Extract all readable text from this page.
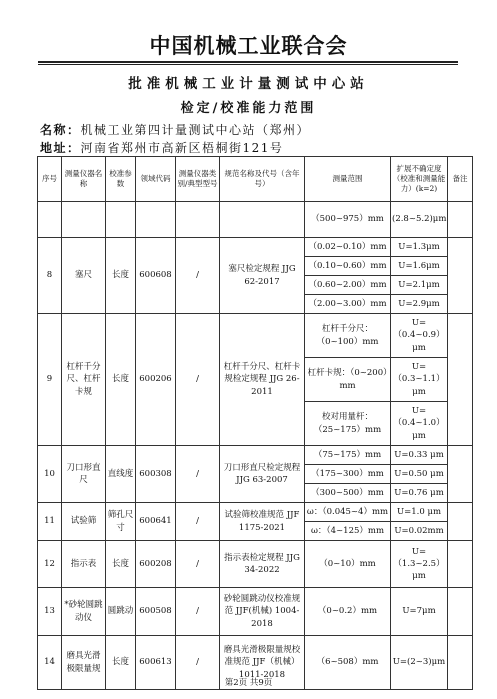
中国机械工业联合会
批准机械工业计量测试中心站
检定/校准能力范围
名称：机械工业第四计量测试中心站（郑州）
地址：河南省郑州市高新区梧桐街121号
序号	测量仪器名称	校准参数	领域代码	测量仪器类别/典型型号	规范名称及代号（含年号）	测量范围	扩展不确定度（校准和测量能力）(k=2)	备注
						（500~975）mm	(2.8~5.2)μm	
8	塞尺	长度	600608	/	塞尺检定规程 JJG 62-2017	（0.02~0.10）mm	U=1.3μm	
						（0.10~0.60）mm	U=1.6μm	
						（0.60~2.00）mm	U=2.1μm	
						（2.00~3.00）mm	U=2.9μm	
9	杠杆千分尺、杠杆卡规	长度	600206	/	杠杆千分尺、杠杆卡规检定规程 JJG 26-2011	杠杆千分尺：（0~100）mm	U=（0.4~0.9）μm	
						杠杆卡规：（0~200）mm	U=（0.3~1.1）μm	
						校对用量杆：（25~175）mm	U=（0.4~1.0）μm	
10	刀口形直尺	直线度	600308	/	刀口形直尺检定规程 JJG 63-2007	（75~175）mm	U=0.33 μm	
						（175~300）mm	U=0.50 μm	
						（300~500）mm	U=0.76 μm	
11	试验筛	筛孔尺寸	600641	/	试验筛校准规范 JJF 1175-2021	ω：（0.045~4）mm	U=1.0 μm	
						ω：（4~125）mm	U=0.02mm	
12	指示表	长度	600208	/	指示表检定规程 JJG 34-2022	（0~10）mm	U=（1.3~2.5）μm	
13	*砂轮圆跳动仪	圆跳动	600508	/	砂轮圆跳动仪校准规范 JJF(机械) 1004-2018	（0~0.2）mm	U=7μm	
14	磨具光滑极限量规	长度	600613	/	磨具光滑极限量规校准规范 JJF（机械）1011-2018	（6~508）mm	U=(2~3)μm	
第2页 共9页
